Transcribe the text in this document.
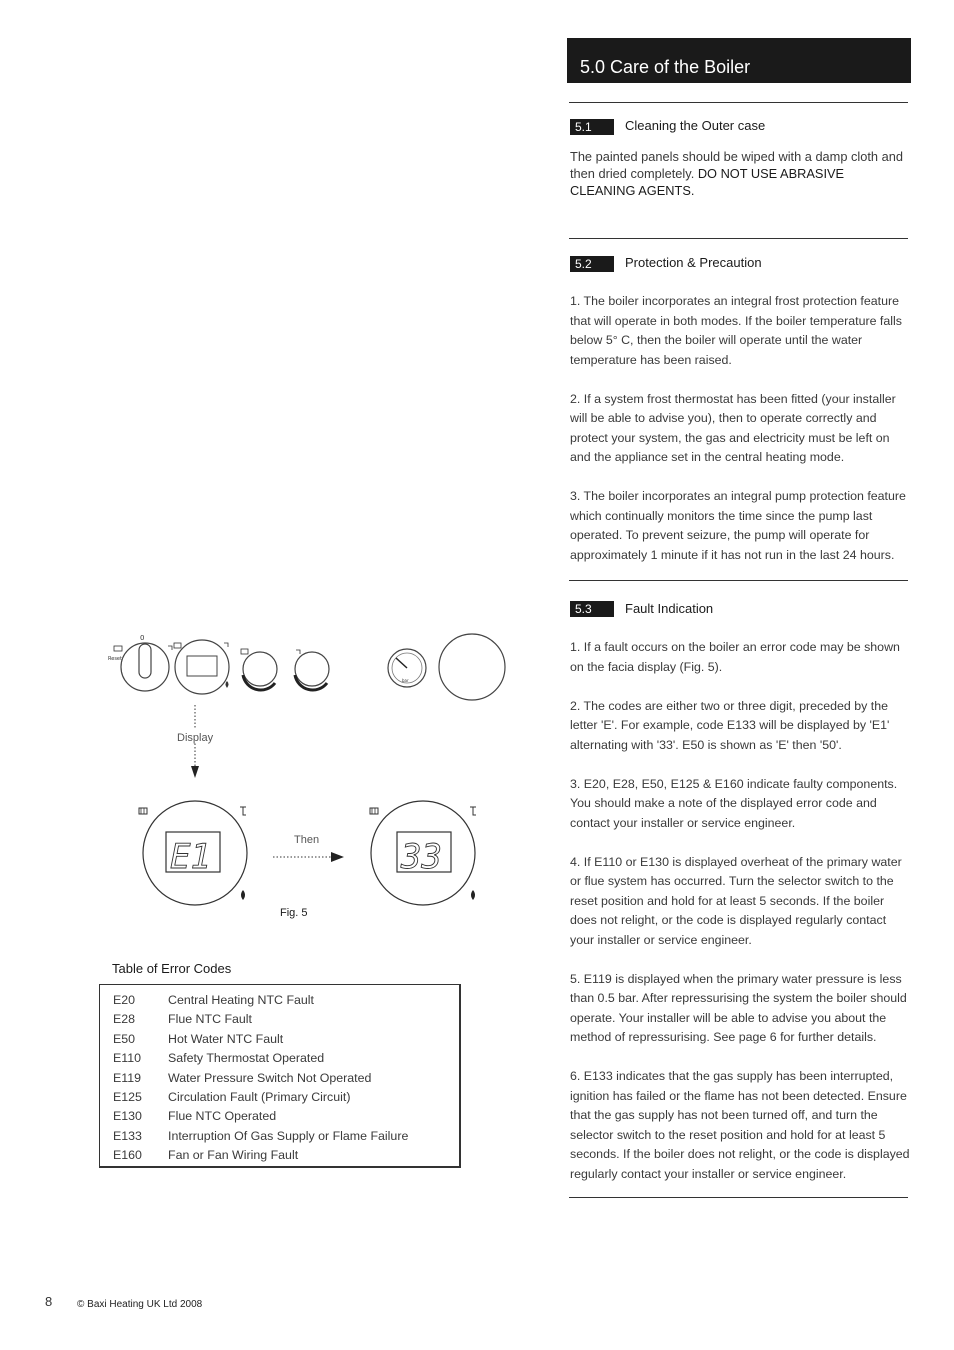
5.0 Care of the Boiler
5.1	Cleaning the Outer case
The painted panels should be wiped with a damp cloth and then dried completely. DO NOT USE ABRASIVE CLEANING AGENTS.
5.2	Protection & Precaution

1. The boiler incorporates an integral frost protection feature that will operate in both modes. If the boiler temperature falls below 5° C, then the boiler will operate until the water temperature has been raised.

2. If a system frost thermostat has been fitted (your installer will be able to advise you), then to operate correctly and protect your system, the gas and electricity must be left on and the appliance set in the central heating mode.

3. The boiler incorporates an integral pump protection feature which continually monitors the time since the pump last operated. To prevent seizure, the pump will operate for approximately 1 minute if it has not run in the last 24 hours.

5.3	Fault Indication

1. If a fault occurs on the boiler an error code may be shown on the facia display (Fig. 5).

2. The codes are either two or three digit, preceded by the letter 'E'. For example, code E133 will be displayed by 'E1' alternating with '33'. E50 is shown as 'E' then '50'.

3. E20, E28, E50, E125 & E160 indicate faulty components. You should make a note of the displayed error code and contact your installer or service engineer.

4. If E110 or E130 is displayed overheat of the primary water or flue system has occurred. Turn the selector switch to the reset position and hold for at least 5 seconds. If the boiler does not relight, or the code is displayed regularly contact your installer or service engineer.

5. E119 is displayed when the primary water pressure is less than 0.5 bar. After repressurising the system the boiler should operate. Your installer will be able to advise you about the method of repressurising. See page 6 for further details.

6. E133 indicates that the gas supply has been interrupted, ignition has failed or the flame has not been detected. Ensure that the gas supply has not been turned off, and turn the selector switch to the reset position and hold for at least 5 seconds. If the boiler does not relight, or the code is displayed regularly contact your installer or service engineer.

0
Reset
bar
Display
E1	Then 33
Fig. 5
Table of Error Codes
E20	Central Heating NTC Fault
E28	Flue NTC Fault
E50	Hot Water NTC Fault
E110	Safety Thermostat Operated
E119	Water Pressure Switch Not Operated
E125	Circulation Fault (Primary Circuit)
E130	Flue NTC Operated
E133	Interruption Of Gas Supply or Flame Failure
E160	Fan or Fan Wiring Fault
8 © Baxi Heating UK Ltd 2008
